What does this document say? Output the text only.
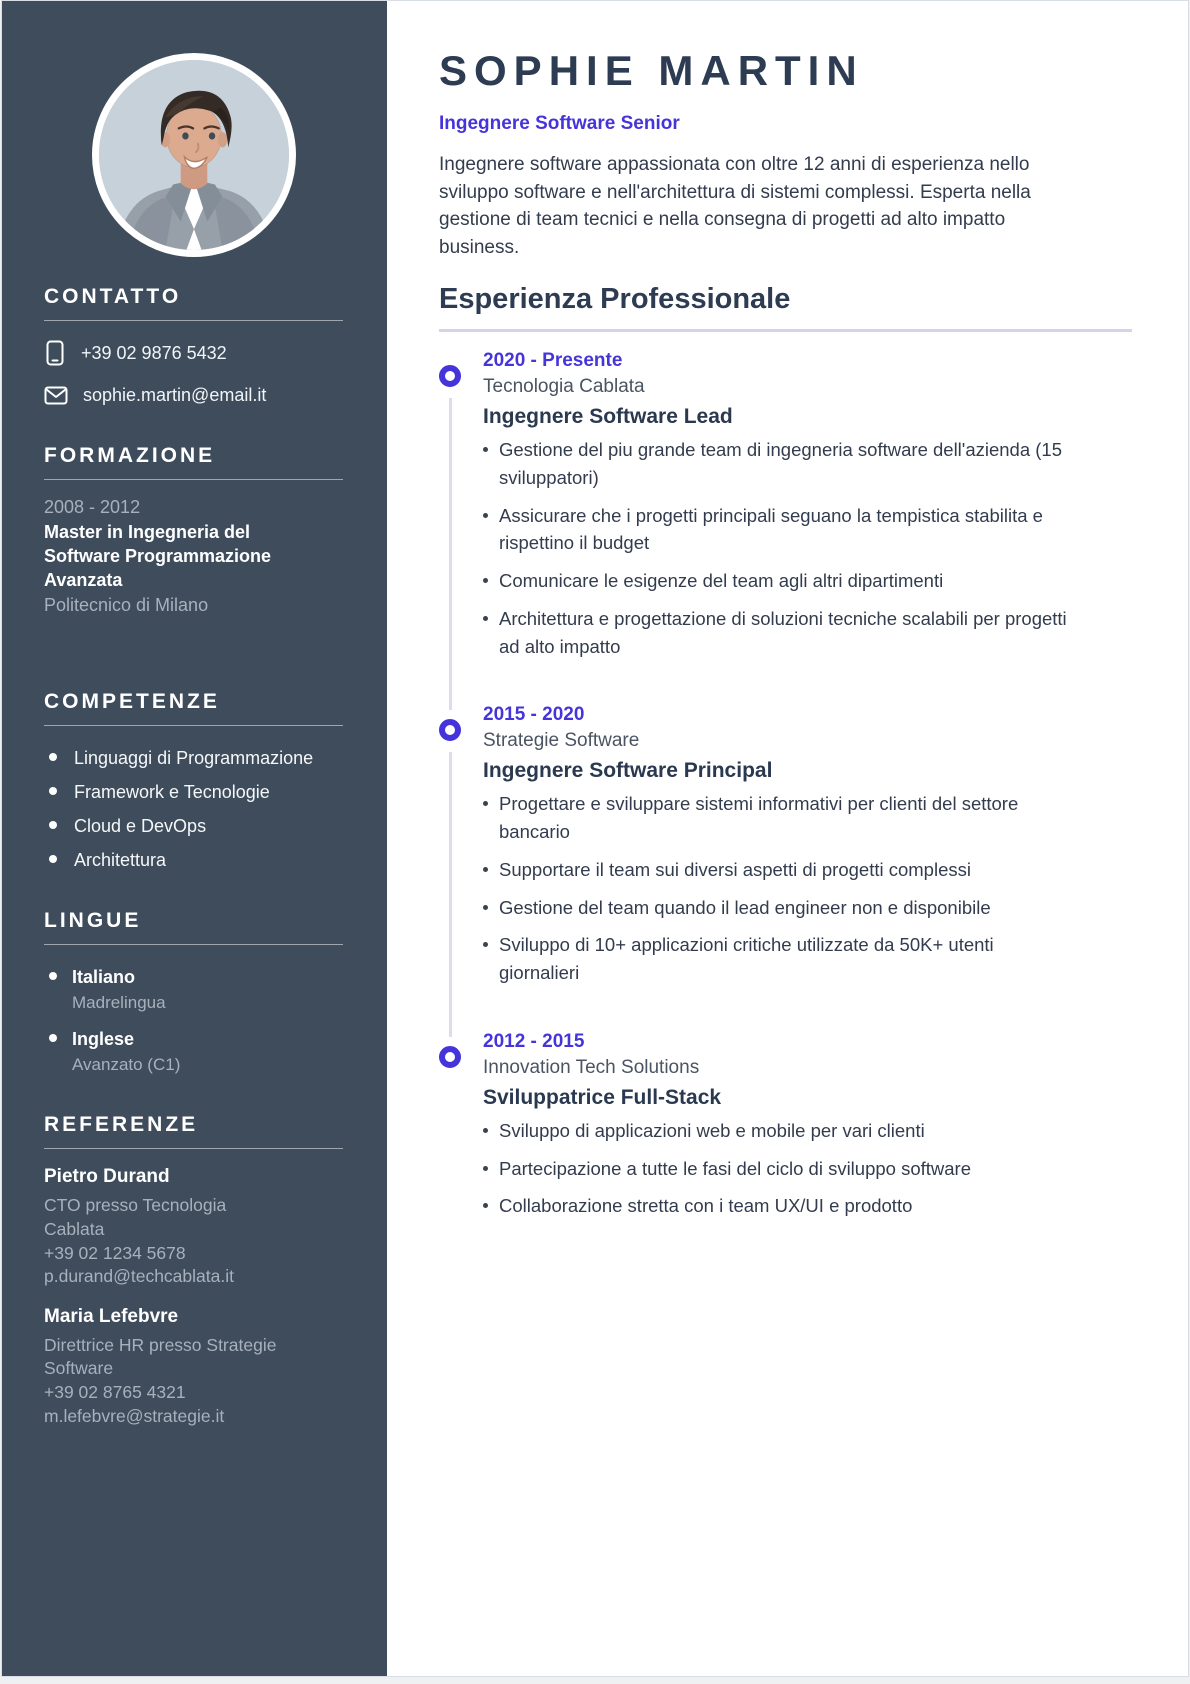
CONTATTO
+39 02 9876 5432
sophie.martin@email.it
FORMAZIONE
2008 - 2012
Master in Ingegneria del Software Programmazione Avanzata
Politecnico di Milano
COMPETENZE
Linguaggi di Programmazione
Framework e Tecnologie
Cloud e DevOps
Architettura
LINGUE
Italiano
Madrelingua
Inglese
Avanzato (C1)
REFERENZE
Pietro Durand
CTO presso Tecnologia Cablata
+39 02 1234 5678
p.durand@techcablata.it
Maria Lefebvre
Direttrice HR presso Strategie Software
+39 02 8765 4321
m.lefebvre@strategie.it
SOPHIE MARTIN
Ingegnere Software Senior

Ingegnere software appassionata con oltre 12 anni di esperienza nello sviluppo software e nell'architettura di sistemi complessi. Esperta nella gestione di team tecnici e nella consegna di progetti ad alto impatto business.

Esperienza Professionale
2020 - Presente
Tecnologia Cablata
Ingegnere Software Lead
Gestione del piu grande team di ingegneria software dell'azienda (15 sviluppatori)
Assicurare che i progetti principali seguano la tempistica stabilita e rispettino il budget
Comunicare le esigenze del team agli altri dipartimenti
Architettura e progettazione di soluzioni tecniche scalabili per progetti ad alto impatto
2015 - 2020
Strategie Software
Ingegnere Software Principal
Progettare e sviluppare sistemi informativi per clienti del settore bancario
Supportare il team sui diversi aspetti di progetti complessi
Gestione del team quando il lead engineer non e disponibile
Sviluppo di 10+ applicazioni critiche utilizzate da 50K+ utenti giornalieri
2012 - 2015
Innovation Tech Solutions
Sviluppatrice Full-Stack
Sviluppo di applicazioni web e mobile per vari clienti
Partecipazione a tutte le fasi del ciclo di sviluppo software
Collaborazione stretta con i team UX/UI e prodotto
